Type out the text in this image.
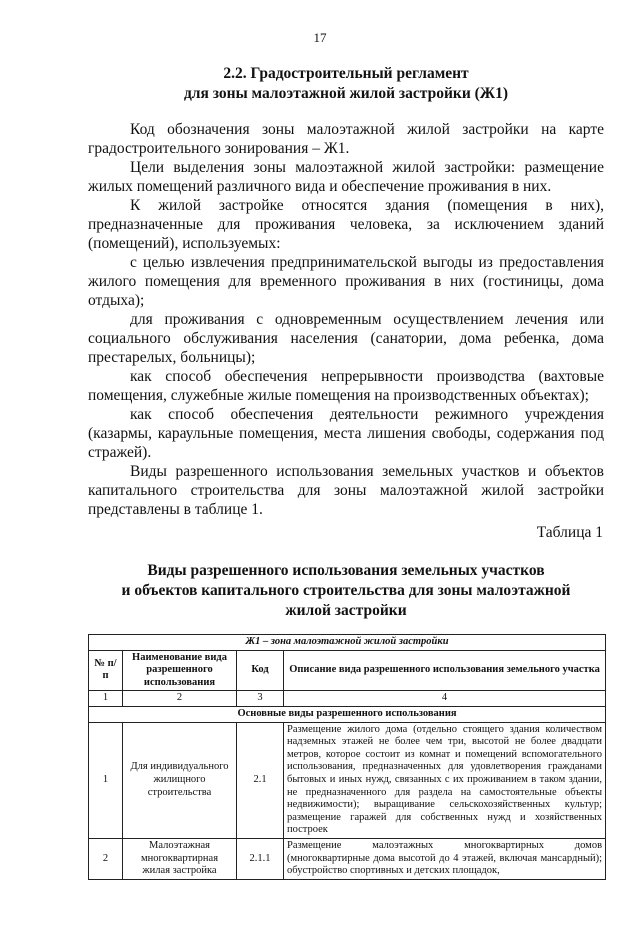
17
2.2. Градостроительный регламент
для зоны малоэтажной жилой застройки (Ж1)

Код обозначения зоны малоэтажной жилой застройки на карте градостроительного зонирования – Ж1.

Цели выделения зоны малоэтажной жилой застройки: размещение жилых помещений различного вида и обеспечение проживания в них.

К жилой застройке относятся здания (помещения в них), предназначенные для проживания человека, за исключением зданий (помещений), используемых:

с целью извлечения предпринимательской выгоды из предоставления жилого помещения для временного проживания в них (гостиницы, дома отдыха);

для проживания с одновременным осуществлением лечения или социального обслуживания населения (санатории, дома ребенка, дома престарелых, больницы);

как способ обеспечения непрерывности производства (вахтовые помещения, служебные жилые помещения на производственных объектах);

как способ обеспечения деятельности режимного учреждения (казармы, караульные помещения, места лишения свободы, содержания под стражей).

Виды разрешенного использования земельных участков и объектов капитального строительства для зоны малоэтажной жилой застройки представлены в таблице 1.

Таблица 1
Виды разрешенного использования земельных участков
и объектов капитального строительства для зоны малоэтажной
жилой застройки
Ж1 – зона малоэтажной жилой застройки			
№ п/п	Наименование вида разрешенного использования	Код	Описание вида разрешенного использования земельного участка
1	2	3	4
Основные виды разрешенного использования			
1	Для индивидуального жилищного строительства	2.1	Размещение жилого дома (отдельно стоящего здания количеством надземных этажей не более чем три, высотой не более двадцати метров, которое состоит из комнат и помещений вспомогательного использования, предназначенных для удовлетворения гражданами бытовых и иных нужд, связанных с их проживанием в таком здании, не предназначенного для раздела на самостоятельные объекты недвижимости); выращивание сельскохозяйственных культур; размещение гаражей для собственных нужд и хозяйственных построек
2	Малоэтажная многоквартирная жилая застройка	2.1.1	Размещение малоэтажных многоквартирных домов (многоквартирные дома высотой до 4 этажей, включая мансардный); обустройство спортивных и детских площадок,
